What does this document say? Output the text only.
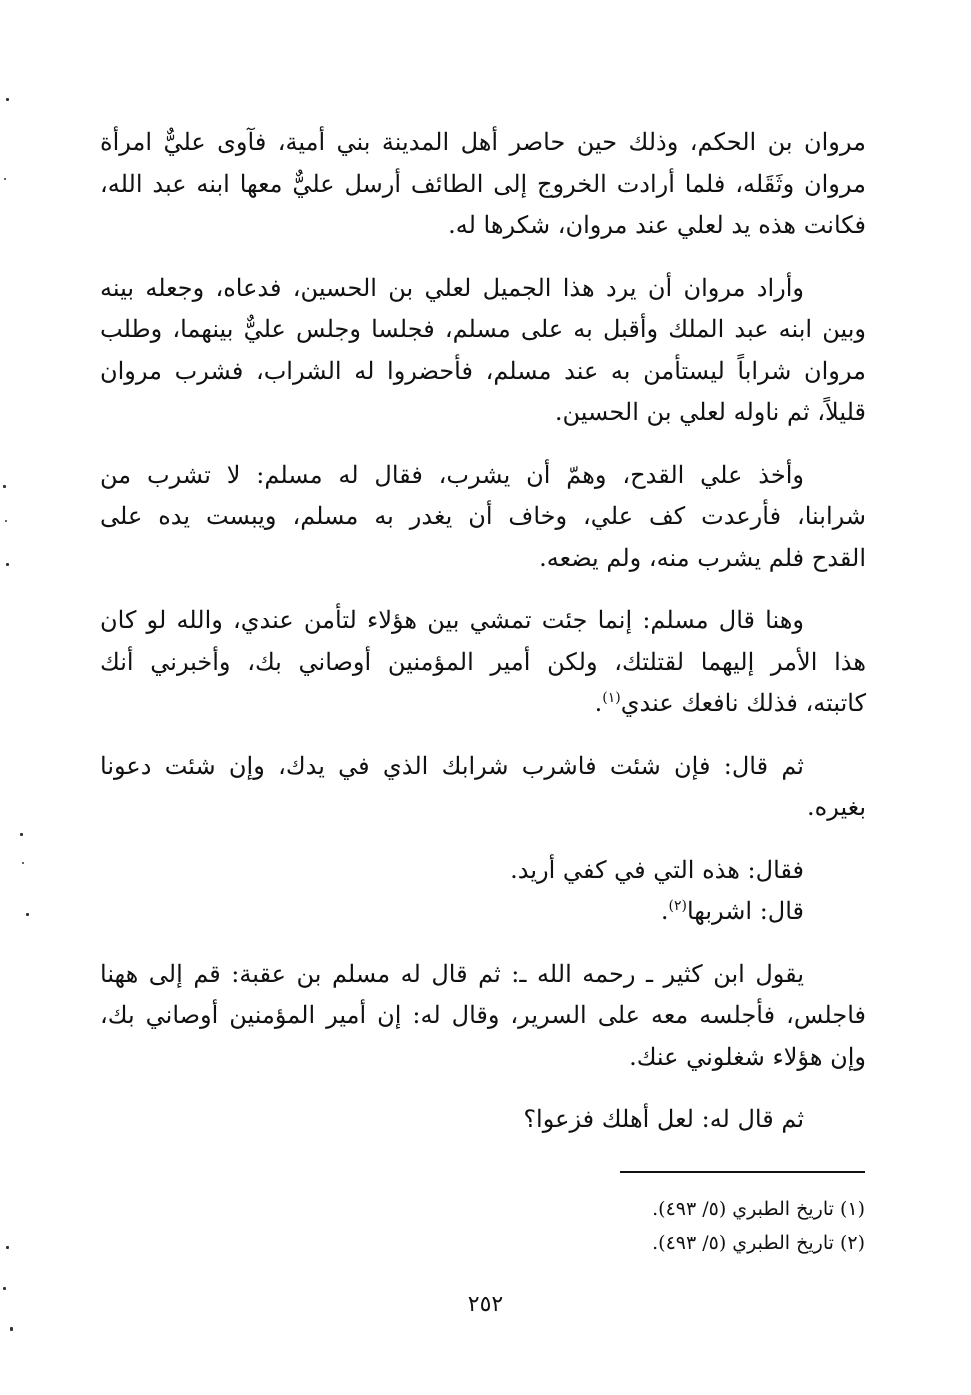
مروان بن الحكم، وذلك حين حاصر أهل المدينة بني أمية، فآوى عليٌّ امرأة
مروان وثَقَله، فلما أرادت الخروج إلى الطائف أرسل عليٌّ معها ابنه عبد الله،
فكانت هذه يد لعلي عند مروان، شكرها له.

وأراد مروان أن يرد هذا الجميل لعلي بن الحسين، فدعاه، وجعله بينه
وبين ابنه عبد الملك وأقبل به على مسلم، فجلسا وجلس عليٌّ بينهما، وطلب
مروان شراباً ليستأمن به عند مسلم، فأحضروا له الشراب، فشرب مروان
قليلاً، ثم ناوله لعلي بن الحسين.

وأخذ علي القدح، وهمّ أن يشرب، فقال له مسلم: لا تشرب من
شرابنا، فأرعدت كف علي، وخاف أن يغدر به مسلم، ويبست يده على
القدح فلم يشرب منه، ولم يضعه.

وهنا قال مسلم: إنما جئت تمشي بين هؤلاء لتأمن عندي، والله لو كان
هذا الأمر إليهما لقتلتك، ولكن أمير المؤمنين أوصاني بك، وأخبرني أنك
كاتبته، فذلك نافعك عندي$^{(١)}$.

ثم قال: فإن شئت فاشرب شرابك الذي في يدك، وإن شئت دعونا
بغيره.

فقال: هذه التي في كفي أريد.

قال: اشربها$^{(٢)}$.

يقول ابن كثير ـ رحمه الله ـ: ثم قال له مسلم بن عقبة: قم إلى ههنا
فاجلس، فأجلسه معه على السرير، وقال له: إن أمير المؤمنين أوصاني بك،
وإن هؤلاء شغلوني عنك.

ثم قال له: لعل أهلك فزعوا؟

(١) تاريخ الطبري (٥/ ٤٩٣).
(٢) تاريخ الطبري (٥/ ٤٩٣).
٢٥٢
